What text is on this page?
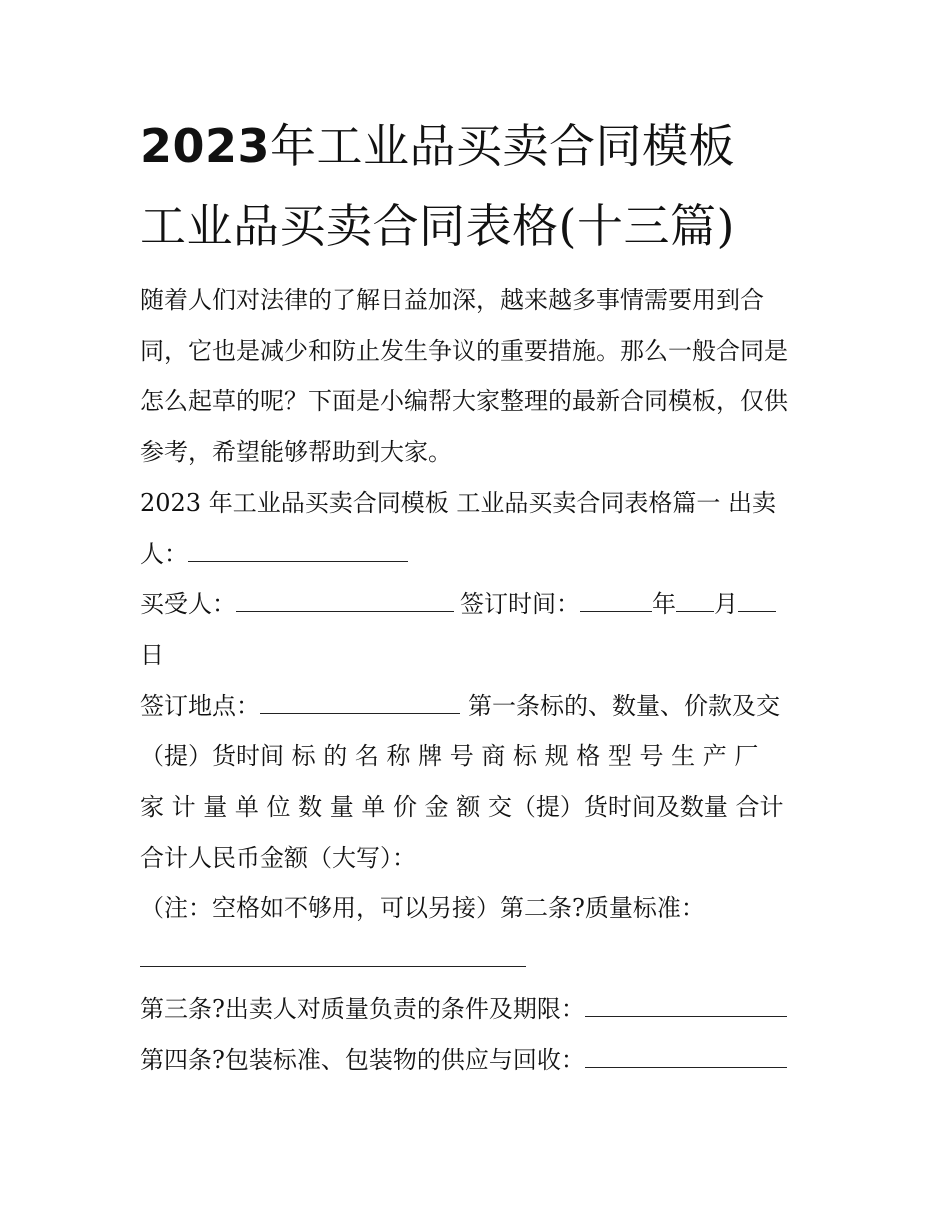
2023年工业品买卖合同模板
工业品买卖合同表格(十三篇)
随着人们对法律的了解日益加深，越来越多事情需要用到合
同，它也是减少和防止发生争议的重要措施。那么一般合同是
怎么起草的呢？下面是小编帮大家整理的最新合同模板，仅供
参考，希望能够帮助到大家。
2023 年工业品买卖合同模板 工业品买卖合同表格篇一 出卖
人：
买受人：	签订时间：	年 月
日
签订地点：	第一条标的、数量、价款及交
（提）货时间 标 的 名 称 牌 号 商 标 规 格 型 号 生 产 厂
家 计 量 单 位 数 量 单 价 金 额 交（提）货时间及数量 合计
合计人民币金额（大写）：
（注：空格如不够用，可以另接）第二条?质量标准：
第三条?出卖人对质量负责的条件及期限：
第四条?包装标准、包装物的供应与回收：
